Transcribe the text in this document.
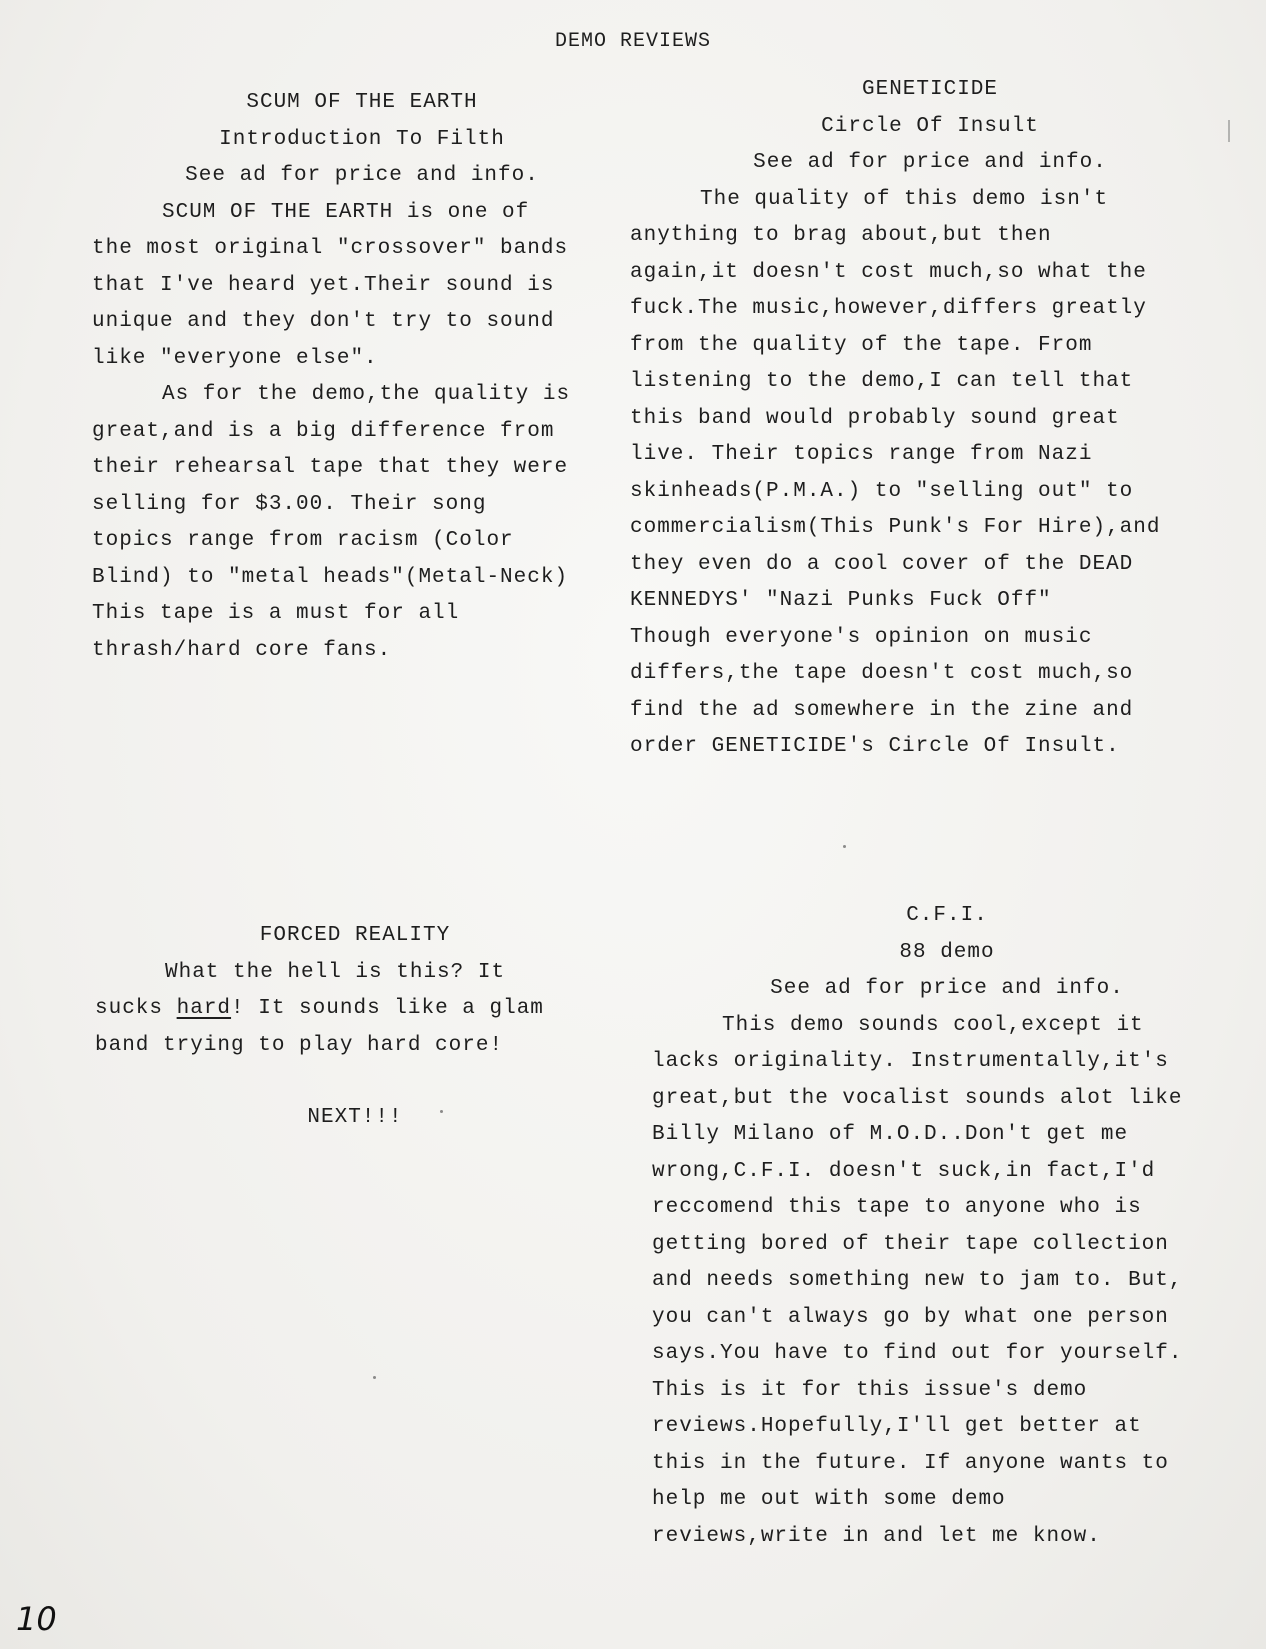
DEMO REVIEWS
SCUM OF THE EARTH
Introduction To Filth
See ad for price and info.
SCUM OF THE EARTH is one of
the most original "crossover" bands
that I've heard yet.Their sound is
unique and they don't try to sound
like "everyone else".
As for the demo,the quality is
great,and is a big difference from
their rehearsal tape that they were
selling for $3.00. Their song
topics range from racism (Color
Blind) to "metal heads"(Metal-Neck)
This tape is a must for all
thrash/hard core fans.
GENETICIDE
Circle Of Insult
See ad for price and info.
The quality of this demo isn't
anything to brag about,but then
again,it doesn't cost much,so what the
fuck.The music,however,differs greatly
from the quality of the tape. From
listening to the demo,I can tell that
this band would probably sound great
live. Their topics range from Nazi
skinheads(P.M.A.) to "selling out" to
commercialism(This Punk's For Hire),and
they even do a cool cover of the DEAD
KENNEDYS' "Nazi Punks Fuck Off"
Though everyone's opinion on music
differs,the tape doesn't cost much,so
find the ad somewhere in the zine and
order GENETICIDE's Circle Of Insult.
FORCED REALITY
What the hell is this? It
sucks hard! It sounds like a glam
band trying to play hard core!
NEXT!!!
C.F.I.
88 demo
See ad for price and info.
This demo sounds cool,except it
lacks originality. Instrumentally,it's
great,but the vocalist sounds alot like
Billy Milano of M.O.D..Don't get me
wrong,C.F.I. doesn't suck,in fact,I'd
reccomend this tape to anyone who is
getting bored of their tape collection
and needs something new to jam to. But,
you can't always go by what one person
says.You have to find out for yourself.
This is it for this issue's demo
reviews.Hopefully,I'll get better at
this in the future. If anyone wants to
help me out with some demo
reviews,write in and let me know.
10
